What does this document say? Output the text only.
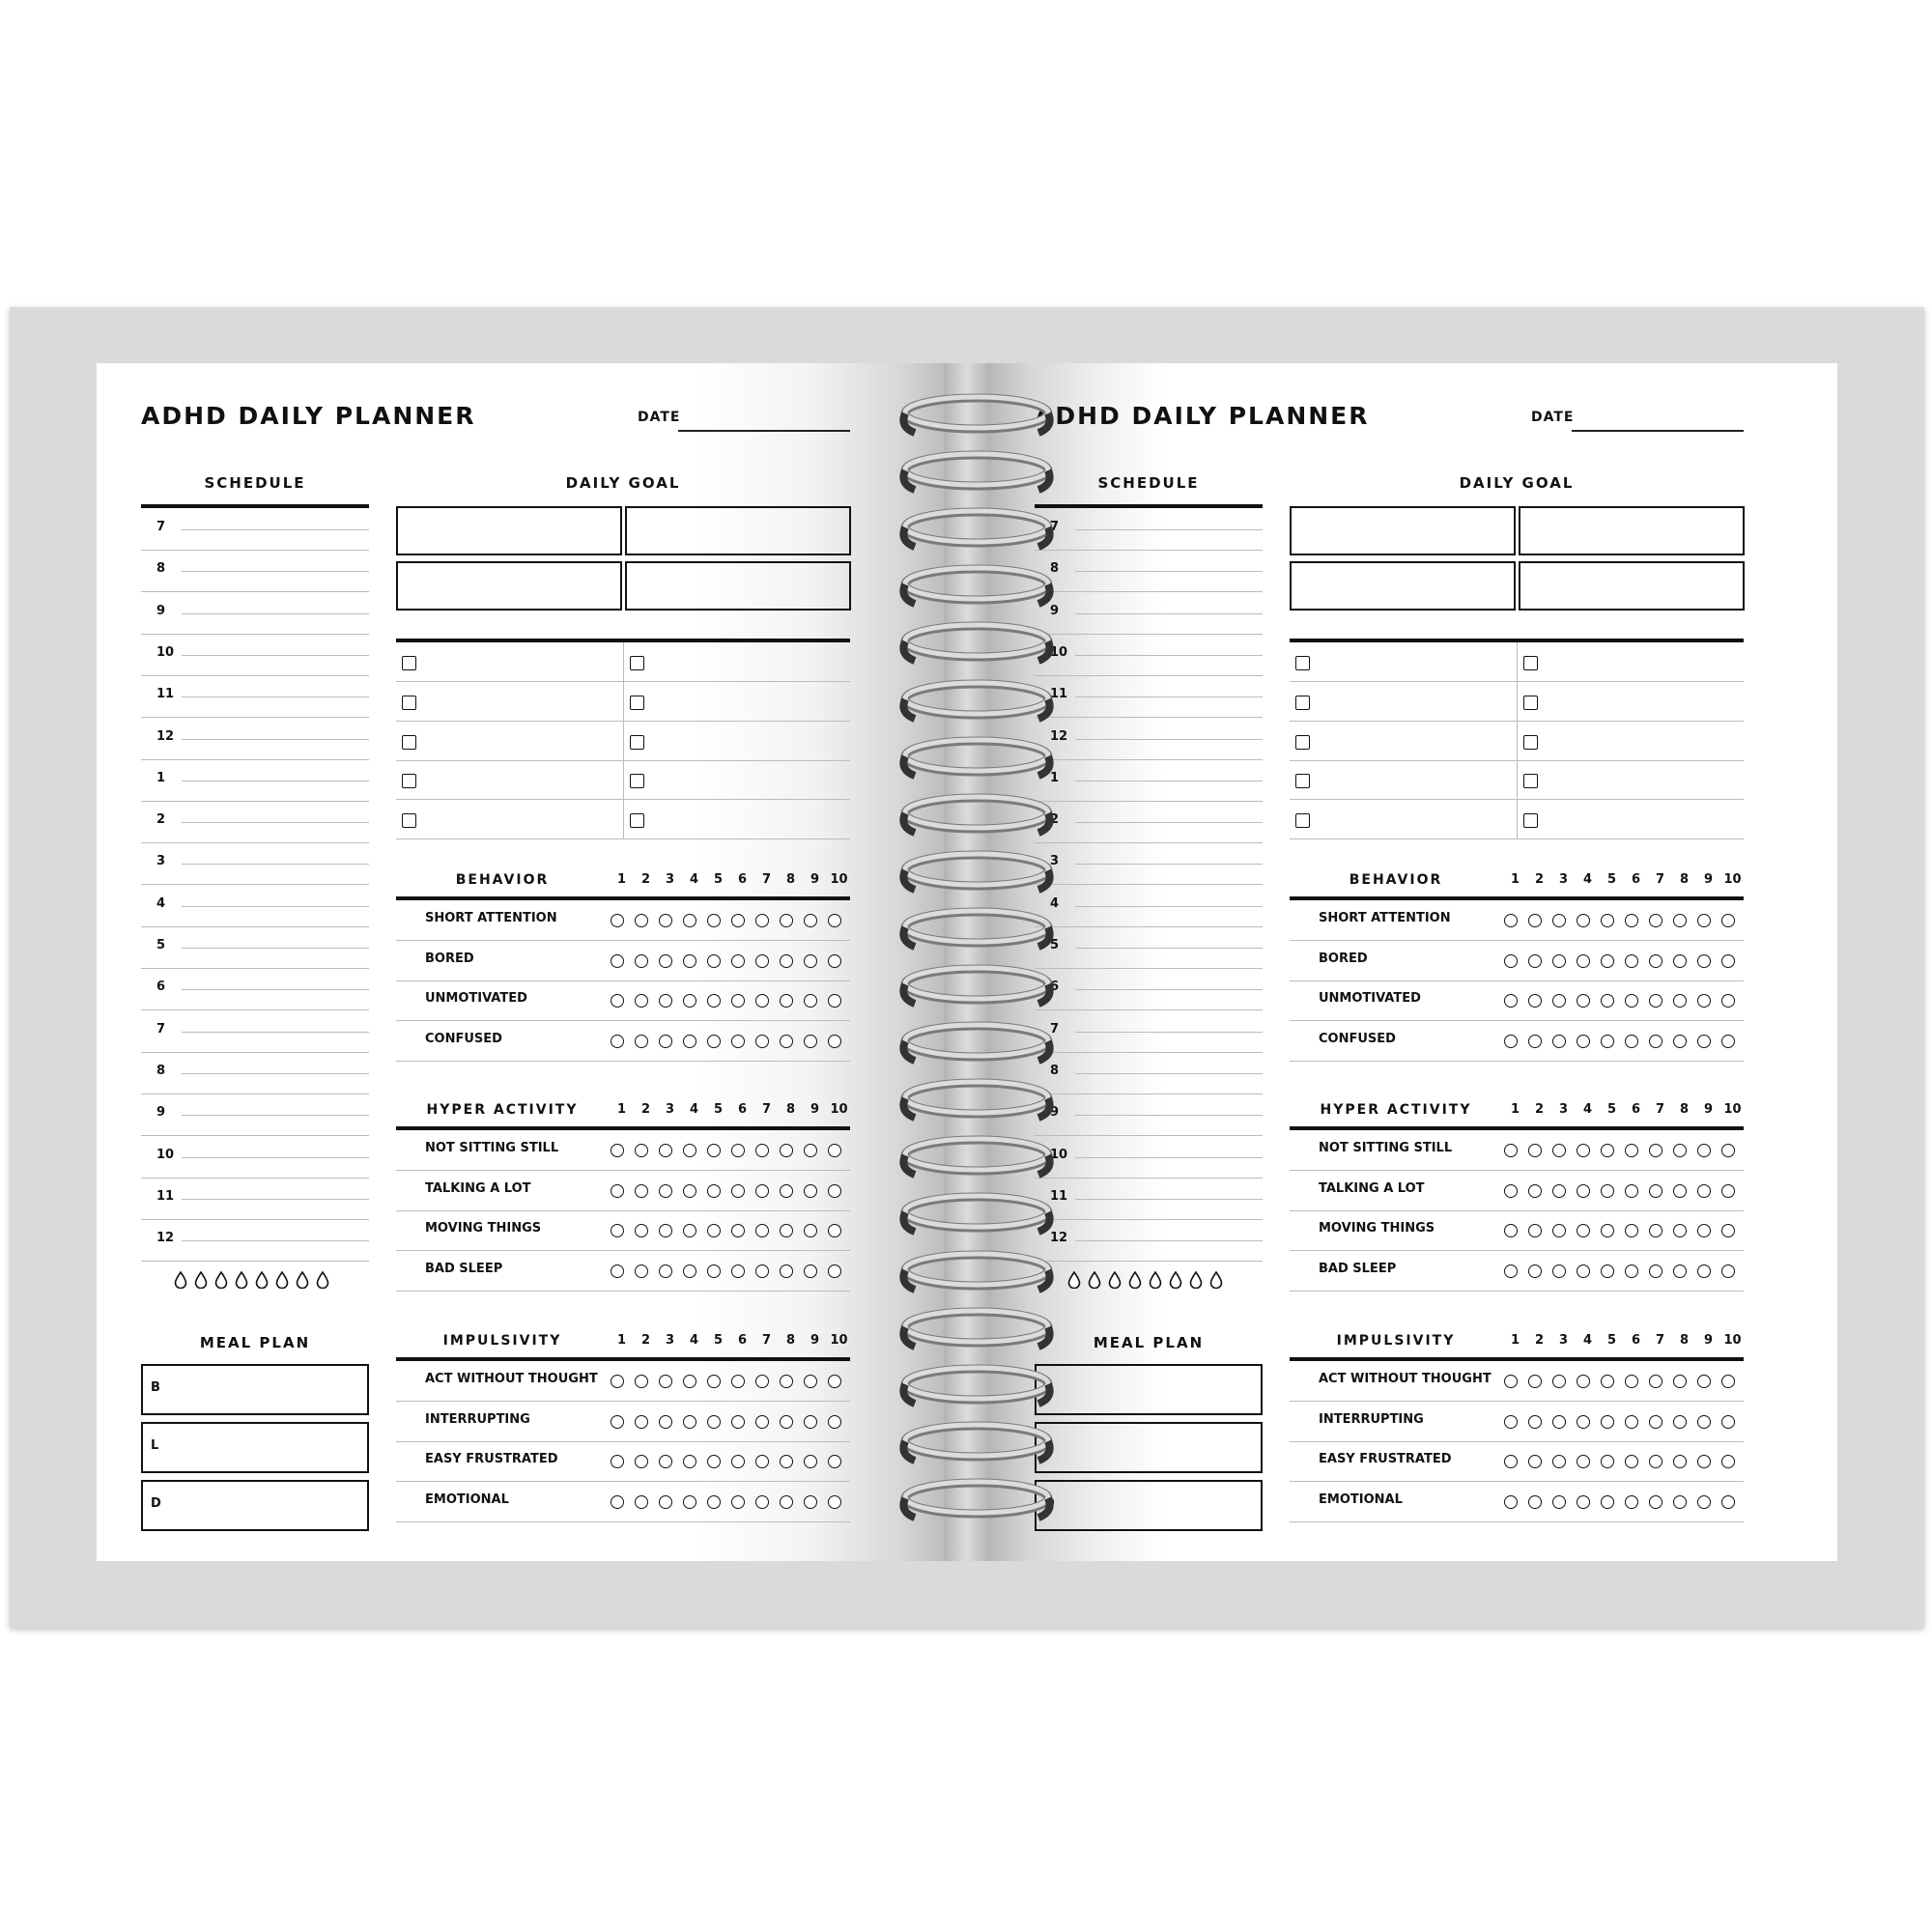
ADHD DAILY PLANNER	DATE
SCHEDULE
7
8
9
10
11
12
1
2
3
4
5
6
7
8
9
10
11
12
MEAL PLAN
B
L
D
DAILY GOAL
BEHAVIOR	1	2	3	4	5	6	7	8	9 10
SHORT ATTENTION
BORED
UNMOTIVATED
CONFUSED
HYPER ACTIVITY	1	2	3	4	5	6	7	8	9 10
NOT SITTING STILL
TALKING A LOT
MOVING THINGS
BAD SLEEP
IMPULSIVITY	1	2	3	4	5	6	7	8	9 10
ACT WITHOUT THOUGHT
INTERRUPTING
EASY FRUSTRATED
EMOTIONAL
ADHD DAILY PLANNER	DATE
SCHEDULE
7
8
9
10
11
12
1
2
3
4
5
6
7
8
9
10
11
12
MEAL PLAN
B
L
D
DAILY GOAL
BEHAVIOR	1	2	3	4	5	6	7	8	9 10
SHORT ATTENTION
BORED
UNMOTIVATED
CONFUSED
HYPER ACTIVITY	1	2	3	4	5	6	7	8	9 10
NOT SITTING STILL
TALKING A LOT
MOVING THINGS
BAD SLEEP
IMPULSIVITY	1	2	3	4	5	6	7	8	9 10
ACT WITHOUT THOUGHT
INTERRUPTING
EASY FRUSTRATED
EMOTIONAL
